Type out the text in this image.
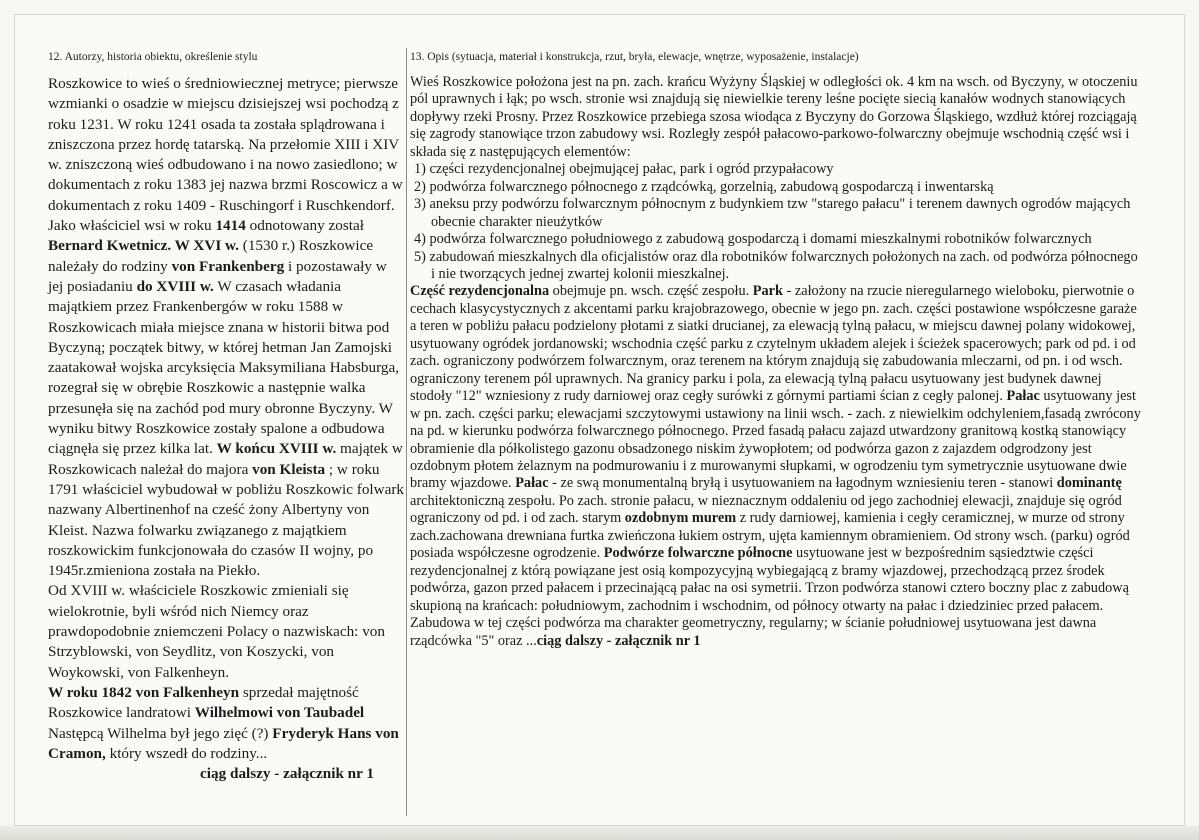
12. Autorzy, historia obiektu, określenie stylu

Roszkowice to wieś o średniowiecznej metryce; pierwsze wzmianki o osadzie w miejscu dzisiejszej wsi pochodzą z roku 1231. W roku 1241 osada ta została splądrowana i zniszczona przez hordę tatarską. Na przełomie XIII i XIV w. zniszczoną wieś odbudowano i na nowo zasiedlono; w dokumentach z roku 1383 jej nazwa brzmi Roscowicz a w dokumentach z roku 1409 - Ruschingorf i Ruschkendorf. Jako właściciel wsi w roku 1414 odnotowany został Bernard Kwetnicz. W XVI w. (1530 r.) Roszkowice należały do rodziny von Frankenberg i pozostawały w jej posiadaniu do XVIII w. W czasach władania majątkiem przez Frankenbergów w roku 1588 w Roszkowicach miała miejsce znana w historii bitwa pod Byczyną; początek bitwy, w której hetman Jan Zamojski zaatakował wojska arcyksięcia Maksymiliana Habsburga, rozegrał się w obrębie Roszkowic a następnie walka przesunęła się na zachód pod mury obronne Byczyny. W wyniku bitwy Roszkowice zostały spalone a odbudowa ciągnęła się przez kilka lat. W końcu XVIII w. majątek w Roszkowicach należał do majora von Kleista ; w roku 1791 właściciel wybudował w pobliżu Roszkowic folwark nazwany Albertinenhof na cześć żony Albertyny von Kleist. Nazwa folwarku związanego z majątkiem roszkowickim funkcjonowała do czasów II wojny, po 1945r.zmieniona została na Piekło.

Od XVIII w. właściciele Roszkowic zmieniali się wielokrotnie, byli wśród nich Niemcy oraz prawdopodobnie zniemczeni Polacy o nazwiskach: von Strzyblowski, von Seydlitz, von Koszycki, von Woykowski, von Falkenheyn.

W roku 1842 von Falkenheyn sprzedał majętność Roszkowice landratowi Wilhelmowi von Taubadel Następcą Wilhelma był jego zięć (?) Fryderyk Hans von Cramon, który wszedł do rodziny...

ciąg dalszy - załącznik nr 1

13. Opis (sytuacja, materiał i konstrukcja, rzut, bryła, elewacje, wnętrze, wyposażenie, instalacje)

Wieś Roszkowice położona jest na pn. zach. krańcu Wyżyny Śląskiej w odległości ok. 4 km na wsch. od Byczyny, w otoczeniu pól uprawnych i łąk; po wsch. stronie wsi znajdują się niewielkie tereny leśne pocięte siecią kanałów wodnych stanowiących dopływy rzeki Prosny. Przez Roszkowice przebiega szosa wiodąca z Byczyny do Gorzowa Śląskiego, wzdłuż której rozciągają się zagrody stanowiące trzon zabudowy wsi. Rozległy zespół pałacowo-parkowo-folwarczny obejmuje wschodnią część wsi i składa się z następujących elementów:

1) części rezydencjonalnej obejmującej pałac, park i ogród przypałacowy

2) podwórza folwarcznego północnego z rządcówką, gorzelnią, zabudową gospodarczą i inwentarską

3) aneksu przy podwórzu folwarcznym północnym z budynkiem tzw "starego pałacu" i terenem dawnych ogrodów mających obecnie charakter nieużytków

4) podwórza folwarcznego południowego z zabudową gospodarczą i domami mieszkalnymi robotników folwarcznych

5) zabudowań mieszkalnych dla oficjalistów oraz dla robotników folwarcznych położonych na zach. od podwórza północnego i nie tworzących jednej zwartej kolonii mieszkalnej.

Część rezydencjonalna obejmuje pn. wsch. część zespołu. Park - założony na rzucie nieregularnego wieloboku, pierwotnie o cechach klasycystycznych z akcentami parku krajobrazowego, obecnie w jego pn. zach. części postawione współczesne garaże a teren w pobliżu pałacu podzielony płotami z siatki drucianej, za elewacją tylną pałacu, w miejscu dawnej polany widokowej, usytuowany ogródek jordanowski; wschodnia część parku z czytelnym układem alejek i ścieżek spacerowych; park od pd. i od zach. ograniczony podwórzem folwarcznym, oraz terenem na którym znajdują się zabudowania mleczarni, od pn. i od wsch. ograniczony terenem pól uprawnych. Na granicy parku i pola, za elewacją tylną pałacu usytuowany jest budynek dawnej stodoły "12" wzniesiony z rudy darniowej oraz cegły surówki z górnymi partiami ścian z cegły palonej. Pałac usytuowany jest w pn. zach. części parku; elewacjami szczytowymi ustawiony na linii wsch. - zach. z niewielkim odchyleniem,fasadą zwrócony na pd. w kierunku podwórza folwarcznego północnego. Przed fasadą pałacu zajazd utwardzony granitową kostką stanowiący obramienie dla półkolistego gazonu obsadzonego niskim żywopłotem; od podwórza gazon z zajazdem odgrodzony jest ozdobnym płotem żelaznym na podmurowaniu i z murowanymi słupkami, w ogrodzeniu tym symetrycznie usytuowane dwie bramy wjazdowe. Pałac - ze swą monumentalną bryłą i usytuowaniem na łagodnym wzniesieniu teren - stanowi dominantę architektoniczną zespołu. Po zach. stronie pałacu, w nieznacznym oddaleniu od jego zachodniej elewacji, znajduje się ogród ograniczony od pd. i od zach. starym ozdobnym murem z rudy darniowej, kamienia i cegły ceramicznej, w murze od strony zach.zachowana drewniana furtka zwieńczona łukiem ostrym, ujęta kamiennym obramieniem. Od strony wsch. (parku) ogród posiada współczesne ogrodzenie. Podwórze folwarczne północne usytuowane jest w bezpośrednim sąsiedztwie części rezydencjonalnej z którą powiązane jest osią kompozycyjną wybiegającą z bramy wjazdowej, przechodzącą przez środek podwórza, gazon przed pałacem i przecinającą pałac na osi symetrii. Trzon podwórza stanowi cztero boczny plac z zabudową skupioną na krańcach: południowym, zachodnim i wschodnim, od północy otwarty na pałac i dziedziniec przed pałacem. Zabudowa w tej części podwórza ma charakter geometryczny, regularny; w ścianie południowej usytuowana jest dawna rządcówka "5" oraz ...ciąg dalszy - załącznik nr 1
